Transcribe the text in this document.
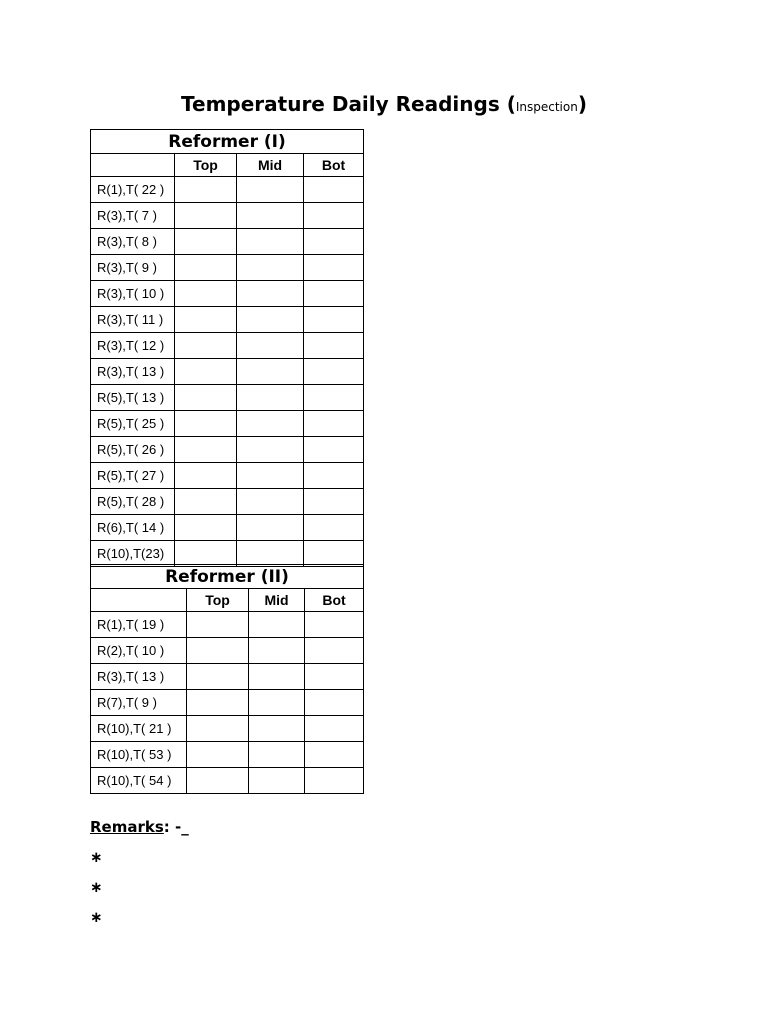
Temperature Daily Readings (Inspection)
Reformer (I)			
	Top	Mid	Bot
R(1),T( 22 )			
R(3),T( 7 )			
R(3),T( 8 )			
R(3),T( 9 )			
R(3),T( 10 )			
R(3),T( 11 )			
R(3),T( 12 )			
R(3),T( 13 )			
R(5),T( 13 )			
R(5),T( 25 )			
R(5),T( 26 )			
R(5),T( 27 )			
R(5),T( 28 )			
R(6),T( 14 )			
R(10),T(23)			
Reformer (II)			
	Top	Mid	Bot
R(1),T( 19 )			
R(2),T( 10 )			
R(3),T( 13 )			
R(7),T( 9 )			
R(10),T( 21 )			
R(10),T( 53 )			
R(10),T( 54 )			
Remarks: -_
∗
∗
∗
